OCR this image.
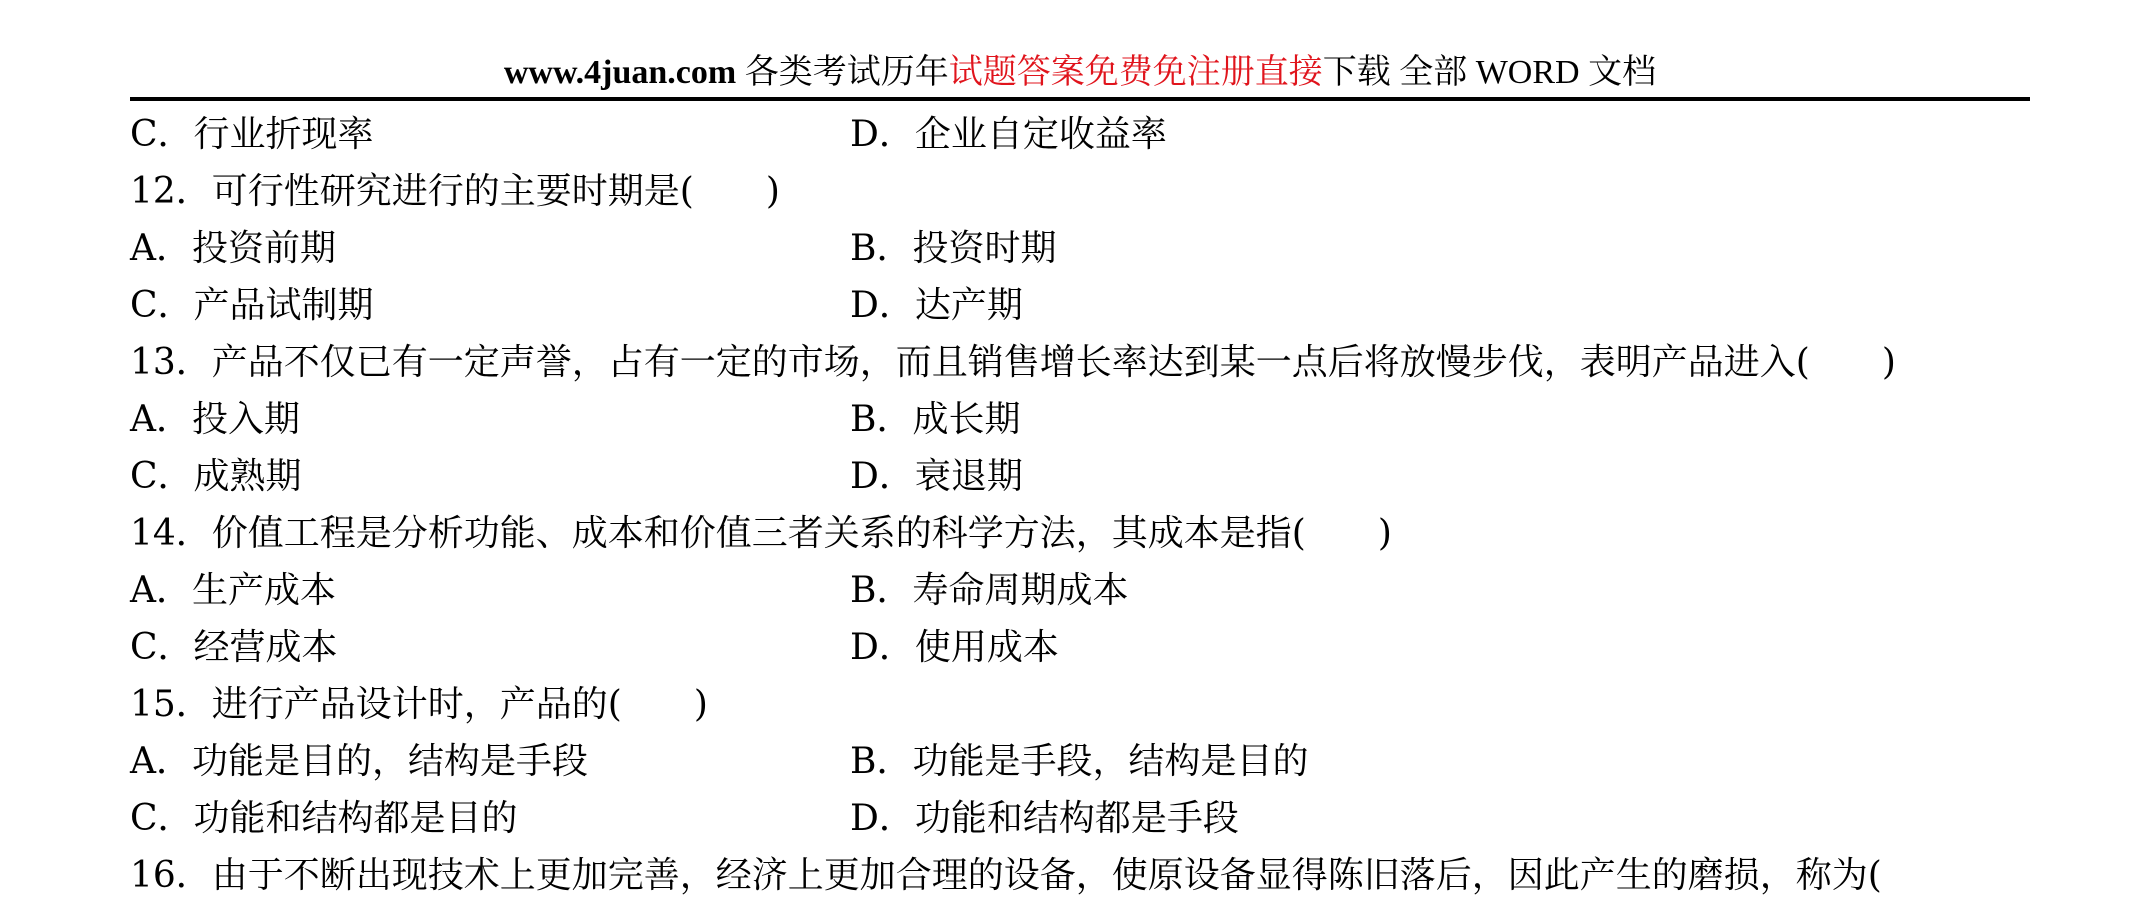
www.4juan.com 各类考试历年试题答案免费免注册直接下载 全部 WORD 文档
C．行业折现率	D．企业自定收益率
12．可行性研究进行的主要时期是(　　)
A．投资前期	B．投资时期
C．产品试制期	D．达产期
13．产品不仅已有一定声誉，占有一定的市场，而且销售增长率达到某一点后将放慢步伐，表明产品进入(　　)
A．投入期	B．成长期
C．成熟期	D．衰退期
14．价值工程是分析功能、成本和价值三者关系的科学方法，其成本是指(　　)
A．生产成本	B．寿命周期成本
C．经营成本	D．使用成本
15．进行产品设计时，产品的(　　)
A．功能是目的，结构是手段	B．功能是手段，结构是目的
C．功能和结构都是目的	D．功能和结构都是手段
16．由于不断出现技术上更加完善，经济上更加合理的设备，使原设备显得陈旧落后，因此产生的磨损，称为(
